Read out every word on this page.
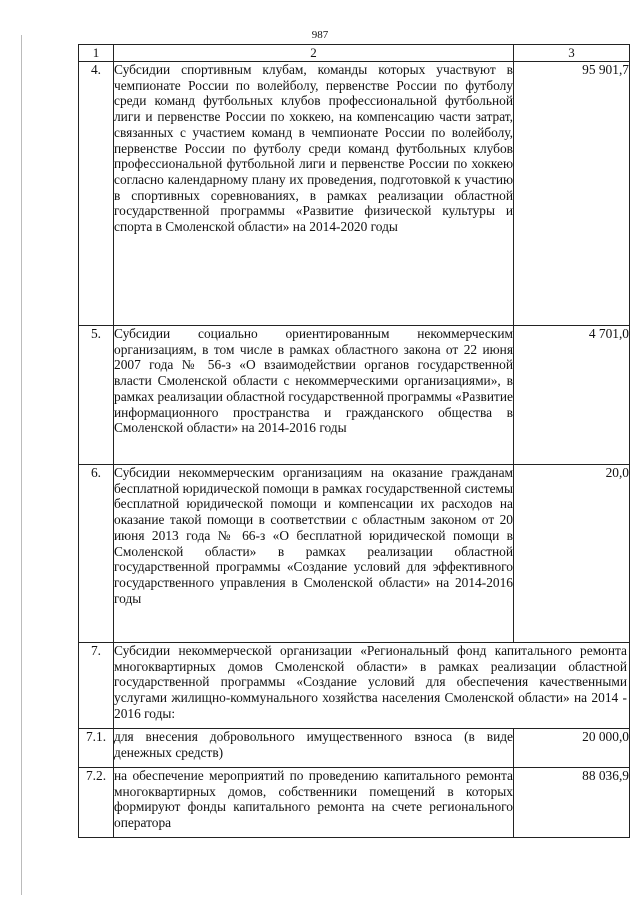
987
1	2	3
4.	Субсидии спортивным клубам, команды которых участвуют в чемпионате России по волейболу, первенстве России по футболу среди команд футбольных клубов профессиональной футбольной лиги и первенстве России по хоккею, на компенсацию части затрат, связанных с участием команд в чемпионате России по волейболу, первенстве России по футболу среди команд футбольных клубов профессиональной футбольной лиги и первенстве России по хоккею согласно календарному плану их проведения, подготовкой к участию в спортивных соревнованиях, в рамках реализации областной государственной программы «Развитие физической культуры и спорта в Смоленской области» на 2014-2020 годы	95 901,7
5.	Субсидии социально ориентированным некоммерческим организациям, в том числе в рамках областного закона от 22 июня 2007 года № 56-з «О взаимодействии органов государственной власти Смоленской области с некоммерческими организациями», в рамках реализации областной государственной программы «Развитие информационного пространства и гражданского общества в Смоленской области» на 2014-2016 годы	4 701,0
6.	Субсидии некоммерческим организациям на оказание гражданам бесплатной юридической помощи в рамках государственной системы бесплатной юридической помощи и компенсации их расходов на оказание такой помощи в соответствии с областным законом от 20 июня 2013 года № 66-з «О бесплатной юридической помощи в Смоленской области» в рамках реализации областной государственной программы «Создание условий для эффективного государственного управления в Смоленской области» на 2014-2016 годы	20,0
7.	Субсидии некоммерческой организации «Региональный фонд капитального ремонта многоквартирных домов Смоленской области» в рамках реализации областной государственной программы «Создание условий для обеспечения качественными услугами жилищно-коммунального хозяйства населения Смоленской области» на 2014 - 2016 годы:	
7.1.	для внесения добровольного имущественного взноса (в виде денежных средств)	20 000,0
7.2.	на обеспечение мероприятий по проведению капитального ремонта многоквартирных домов, собственники помещений в которых формируют фонды капитального ремонта на счете регионального оператора	88 036,9
